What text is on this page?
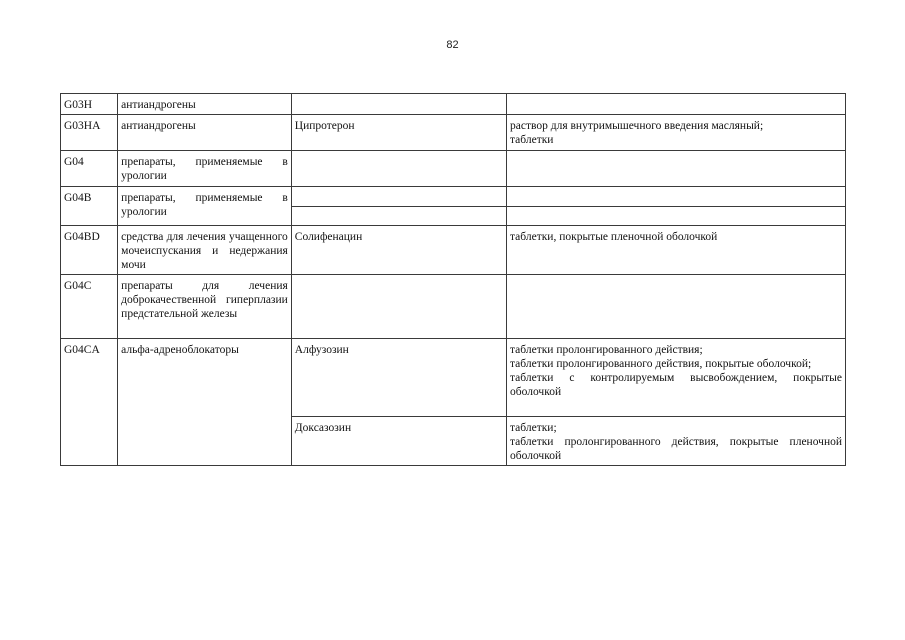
82
G03H	антиандрогены		
G03HA	антиандрогены	Ципротерон	раствор для внутримышечного введения масляный;
таблетки

G04	препараты, применяемые в урологии		
G04B	препараты, применяемые в урологии		

G04BD	средства для лечения учащенного мочеиспускания и недержания мочи	Солифенацин	таблетки, покрытые пленочной оболочкой

G04C	препараты для лечения доброкачественной гиперплазии предстательной железы		
G04CA	альфа-адреноблокаторы	Алфузозин	таблетки пролонгированного действия;
таблетки пролонгированного действия, покрытые оболочкой;
таблетки с контролируемым высвобождением, покрытые оболочкой

		Доксазозин	таблетки;
таблетки пролонгированного действия, покрытые пленочной оболочкой
